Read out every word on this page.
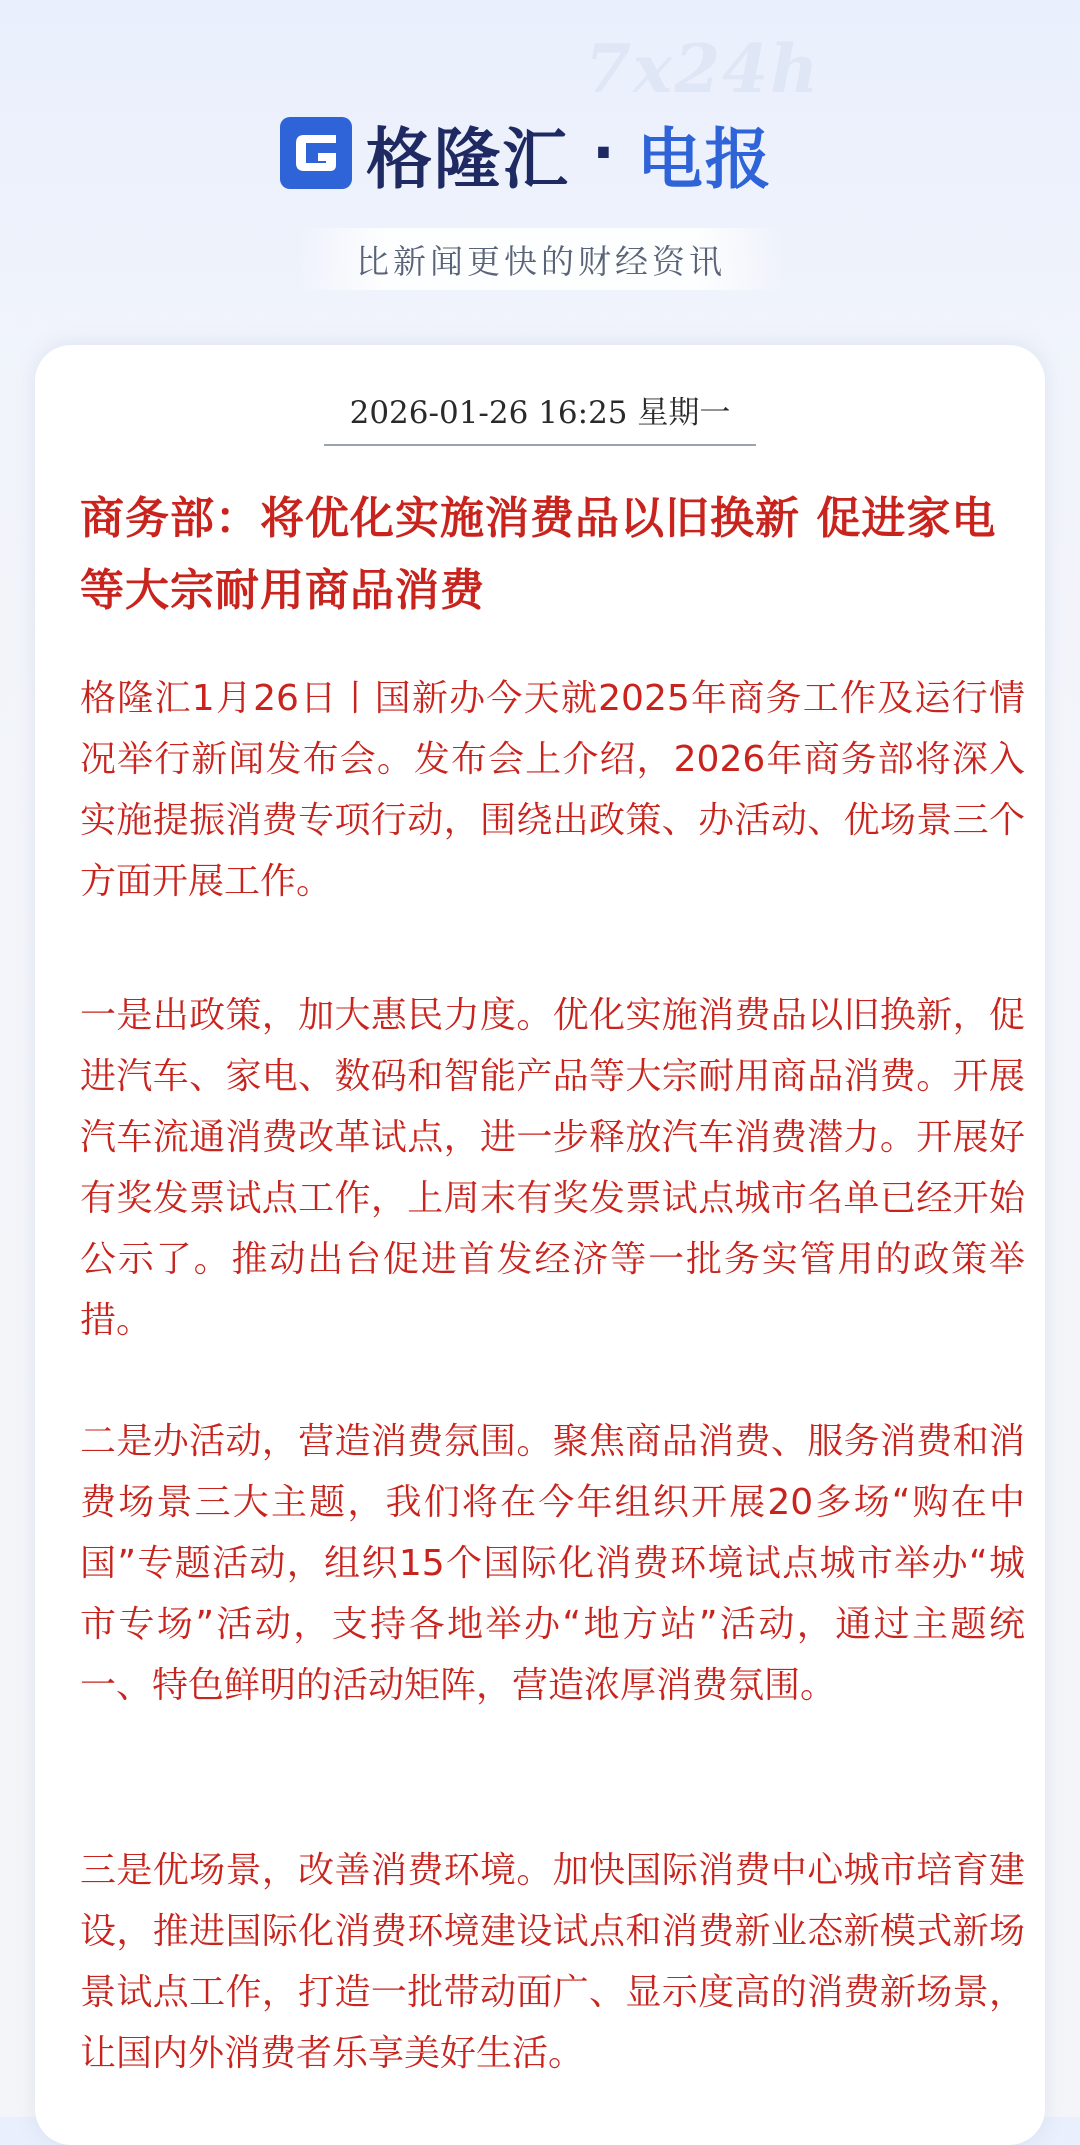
7x24h
格隆汇 · 电报
比新闻更快的财经资讯
2026-01-26 16:25 星期一
商务部：将优化实施消费品以旧换新 促进家电等大宗耐用商品消费

格隆汇1月26日丨国新办今天就2025年商务工作及运行情况举行新闻发布会。发布会上介绍，2026年商务部将深入实施提振消费专项行动，围绕出政策、办活动、优场景三个方面开展工作。

一是出政策，加大惠民力度。优化实施消费品以旧换新，促进汽车、家电、数码和智能产品等大宗耐用商品消费。开展汽车流通消费改革试点，进一步释放汽车消费潜力。开展好有奖发票试点工作，上周末有奖发票试点城市名单已经开始公示了。推动出台促进首发经济等一批务实管用的政策举措。

二是办活动，营造消费氛围。聚焦商品消费、服务消费和消费场景三大主题，我们将在今年组织开展20多场“购在中国”专题活动，组织15个国际化消费环境试点城市举办“城市专场”活动，支持各地举办“地方站”活动，通过主题统一、特色鲜明的活动矩阵，营造浓厚消费氛围。

三是优场景，改善消费环境。加快国际消费中心城市培育建设，推进国际化消费环境建设试点和消费新业态新模式新场景试点工作，打造一批带动面广、显示度高的消费新场景，让国内外消费者乐享美好生活。
